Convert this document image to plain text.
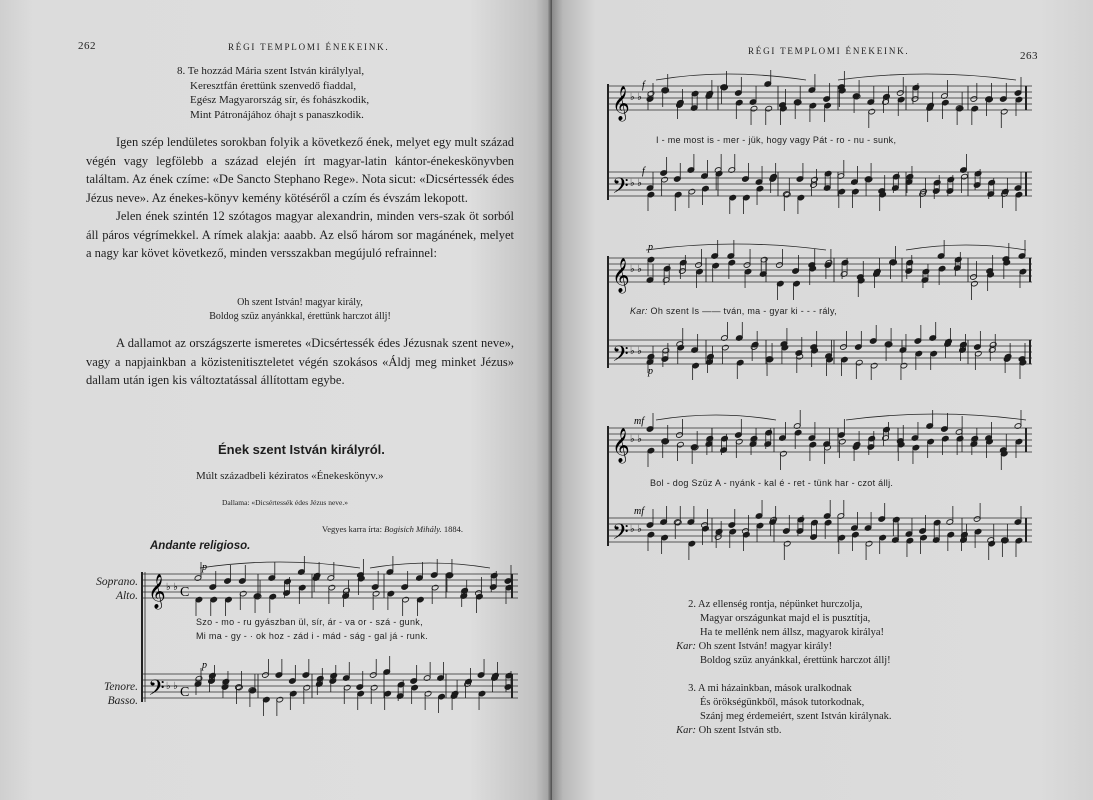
262	RÉGI TEMPLOMI ÉNEKEINK.
8. Te hozzád Mária szent István királylyal,
Keresztfán érettünk szenvedő fiaddal,
Egész Magyarország sír, és fohászkodik,
Mint Pátronájához óhajt s panaszkodik.

Igen szép lendületes sorokban folyik a következő ének, melyet egy mult század végén vagy legfölebb a század elején írt magyar-latin kántor-énekeskönyvben találtam. Az ének czíme: «De Sancto Stephano Rege». Nota sicut: «Dicsértessék édes Jézus neve». Az énekes-könyv kemény kötéséről a czím és évszám lekopott.

Jelen ének szintén 12 szótagos magyar alexandrin, minden vers-szak öt sorból áll páros végrímekkel. A rímek alakja: aaabb. Az első három sor magánének, melyet a nagy kar követ következő, minden versszakban megújuló refrainnel:

Oh szent István! magyar király,
Boldog szüz anyánkkal, érettünk harczot állj!

A dallamot az országszerte ismeretes «Dicsértessék édes Jézusnak szent neve», vagy a napjainkban a közistenitiszteletet végén szokásos «Áldj meg minket Jézus» dallam után igen kis változtatással állítottam egybe.

Ének szent István királyról.
Múlt századbeli kéziratos «Énekeskönyv.»
Dallama: «Dicsértessék édes Jézus neve.»
Vegyes karra írta: Bogisich Mihály. 1884.
Andante religioso.
Soprano.
Alto.
Tenore.
Basso.
𝄞
𝄢
♭ ♭
♭ ♭
C
C
p
p
Szo - mo - ru gyászban ül, sír, ár - va or - szá - gunk,
Mi ma - gy - · ok hoz - zád i - mád - ság - gal já - runk.
RÉGI TEMPLOMI ÉNEKEINK.	263
𝄞
𝄢
♭ ♭
♭ ♭
f
f
I - me most is - mer - jük, hogy vagy Pát - ro - nu - sunk,
𝄞
𝄢
♭ ♭
♭ ♭
p
p
Kar: Oh szent Is —— tván, ma - gyar ki - - - rály,
𝄞
𝄢
♭ ♭
♭ ♭
mf
mf
Bol - dog Szüz A - nyánk - kal é - ret - tünk har - czot állj.
2. Az ellenség rontja, népünket hurczolja,
Magyar országunkat majd el is pusztítja,
Ha te mellénk nem állsz, magyarok királya!
Kar: Oh szent István! magyar király!
Boldog szüz anyánkkal, érettünk harczot állj!
3. A mi házainkban, mások uralkodnak
És örökségünkből, mások tutorkodnak,
Szánj meg érdemeiért, szent István királynak.
Kar: Oh szent István stb.
